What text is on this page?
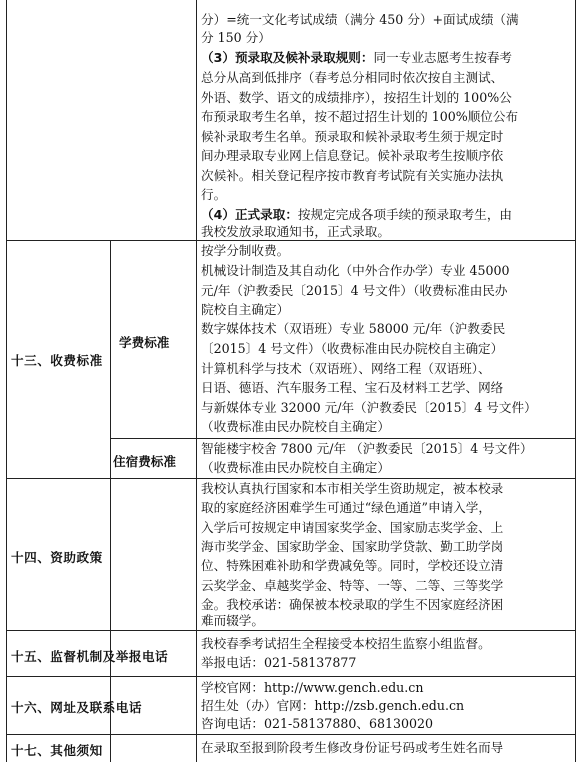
分）=统一文化考试成绩（满分 450 分）+面试成绩（满
分 150 分）
（3）预录取及候补录取规则：同一专业志愿考生按春考
总分从高到低排序（春考总分相同时依次按自主测试、
外语、数学、语文的成绩排序），按招生计划的 100%公
布预录取考生名单，按不超过招生计划的 100%顺位公布
候补录取考生名单。预录取和候补录取考生须于规定时
间办理录取专业网上信息登记。候补录取考生按顺序依
次候补。相关登记程序按市教育考试院有关实施办法执
行。
（4）正式录取：按规定完成各项手续的预录取考生，由
我校发放录取通知书，正式录取。
十三、收费标准
学费标准
住宿费标准
按学分制收费。
机械设计制造及其自动化（中外合作办学）专业 45000
元/年（沪教委民〔2015〕4 号文件）（收费标准由民办
院校自主确定）
数字媒体技术（双语班）专业 58000 元/年（沪教委民
〔2015〕4 号文件）（收费标准由民办院校自主确定）
计算机科学与技术（双语班）、网络工程（双语班）、
日语、德语、汽车服务工程、宝石及材料工艺学、网络
与新媒体专业 32000 元/年（沪教委民〔2015〕4 号文件）
（收费标准由民办院校自主确定）
智能楼宇校舍 7800 元/年 （沪教委民〔2015〕4 号文件）
（收费标准由民办院校自主确定）
十四、资助政策
我校认真执行国家和本市相关学生资助规定，被本校录
取的家庭经济困难学生可通过“绿色通道”申请入学，
入学后可按规定申请国家奖学金、国家励志奖学金、上
海市奖学金、国家助学金、国家助学贷款、勤工助学岗
位、特殊困难补助和学费减免等。同时，学校还设立清
云奖学金、卓越奖学金、特等、一等、二等、三等奖学
金。我校承诺：确保被本校录取的学生不因家庭经济困
难而辍学。
十五、监督机制及举报电话
我校春季考试招生全程接受本校招生监察小组监督。
举报电话：021-58137877
十六、网址及联系电话
学校官网：http://www.gench.edu.cn
招生处（办）官网：http://zsb.gench.edu.cn
咨询电话：021-58137880、68130020
十七、其他须知	在录取至报到阶段考生修改身份证号码或考生姓名而导
